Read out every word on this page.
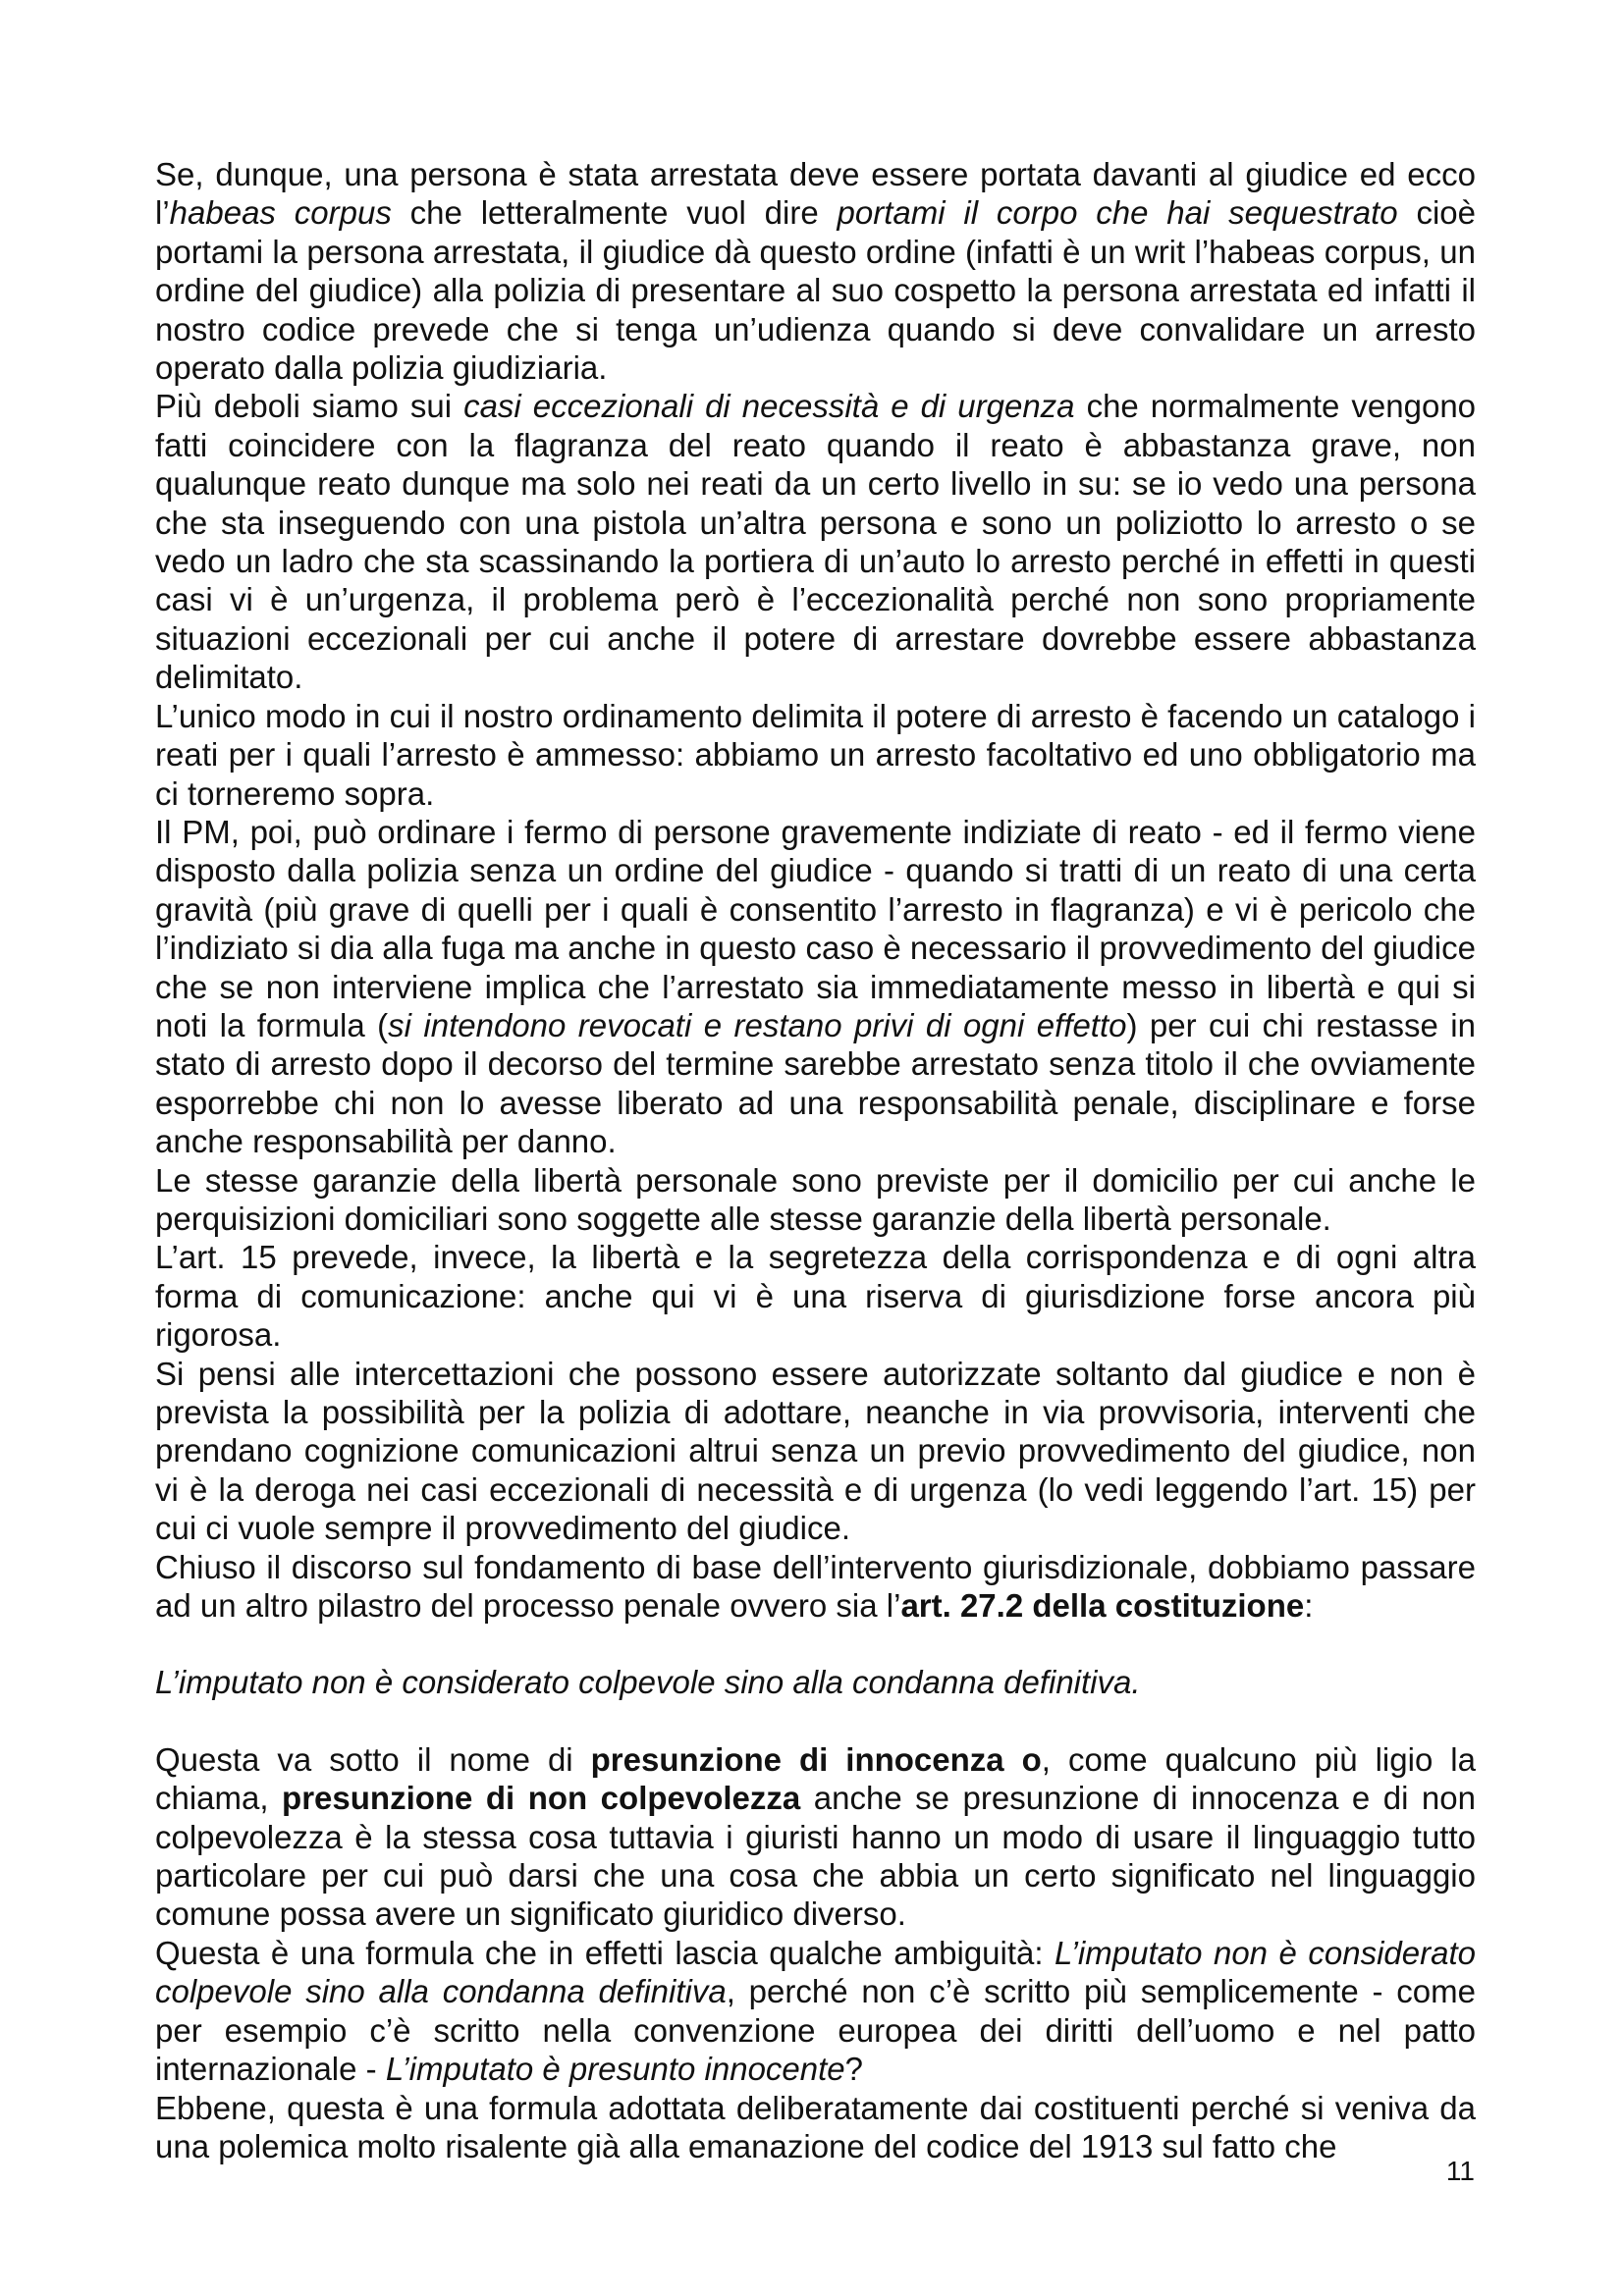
Se, dunque, una persona è stata arrestata deve essere portata davanti al giudice ed ecco l’habeas corpus che letteralmente vuol dire portami il corpo che hai sequestrato cioè portami la persona arrestata, il giudice dà questo ordine (infatti è un writ l’habeas corpus, un ordine del giudice) alla polizia di presentare al suo cospetto la persona arrestata ed infatti il nostro codice prevede che si tenga un’udienza quando si deve convalidare un arresto operato dalla polizia giudiziaria.

Più deboli siamo sui casi eccezionali di necessità e di urgenza che normalmente vengono fatti coincidere con la flagranza del reato quando il reato è abbastanza grave, non qualunque reato dunque ma solo nei reati da un certo livello in su: se io vedo una persona che sta inseguendo con una pistola un’altra persona e sono un poliziotto lo arresto o se vedo un ladro che sta scassinando la portiera di un’auto lo arresto perché in effetti in questi casi vi è un’urgenza, il problema però è l’eccezionalità perché non sono propriamente situazioni eccezionali per cui anche il potere di arrestare dovrebbe essere abbastanza delimitato.

L’unico modo in cui il nostro ordinamento delimita il potere di arresto è facendo un catalogo i reati per i quali l’arresto è ammesso: abbiamo un arresto facoltativo ed uno obbligatorio ma ci torneremo sopra.

Il PM, poi, può ordinare i fermo di persone gravemente indiziate di reato - ed il fermo viene disposto dalla polizia senza un ordine del giudice - quando si tratti di un reato di una certa gravità (più grave di quelli per i quali è consentito l’arresto in flagranza) e vi è pericolo che l’indiziato si dia alla fuga ma anche in questo caso è necessario il provvedimento del giudice che se non interviene implica che l’arrestato sia immediatamente messo in libertà e qui si noti la formula (si intendono revocati e restano privi di ogni effetto) per cui chi restasse in stato di arresto dopo il decorso del termine sarebbe arrestato senza titolo il che ovviamente esporrebbe chi non lo avesse liberato ad una responsabilità penale, disciplinare e forse anche responsabilità per danno.

Le stesse garanzie della libertà personale sono previste per il domicilio per cui anche le perquisizioni domiciliari sono soggette alle stesse garanzie della libertà personale.

L’art. 15 prevede, invece, la libertà e la segretezza della corrispondenza e di ogni altra forma di comunicazione: anche qui vi è una riserva di giurisdizione forse ancora più rigorosa.

Si pensi alle intercettazioni che possono essere autorizzate soltanto dal giudice e non è prevista la possibilità per la polizia di adottare, neanche in via provvisoria, interventi che prendano cognizione comunicazioni altrui senza un previo provvedimento del giudice, non vi è la deroga nei casi eccezionali di necessità e di urgenza (lo vedi leggendo l’art. 15) per cui ci vuole sempre il provvedimento del giudice.

Chiuso il discorso sul fondamento di base dell’intervento giurisdizionale, dobbiamo passare ad un altro pilastro del processo penale ovvero sia l’art. 27.2 della costituzione:

L’imputato non è considerato colpevole sino alla condanna definitiva.

Questa va sotto il nome di presunzione di innocenza o, come qualcuno più ligio la chiama, presunzione di non colpevolezza anche se presunzione di innocenza e di non colpevolezza è la stessa cosa tuttavia i giuristi hanno un modo di usare il linguaggio tutto particolare per cui può darsi che una cosa che abbia un certo significato nel linguaggio comune possa avere un significato giuridico diverso.

Questa è una formula che in effetti lascia qualche ambiguità: L’imputato non è considerato colpevole sino alla condanna definitiva, perché non c’è scritto più semplicemente - come per esempio c’è scritto nella convenzione europea dei diritti dell’uomo e nel patto internazionale - L’imputato è presunto innocente?

Ebbene, questa è una formula adottata deliberatamente dai costituenti perché si veniva da una polemica molto risalente già alla emanazione del codice del 1913 sul fatto che

11
